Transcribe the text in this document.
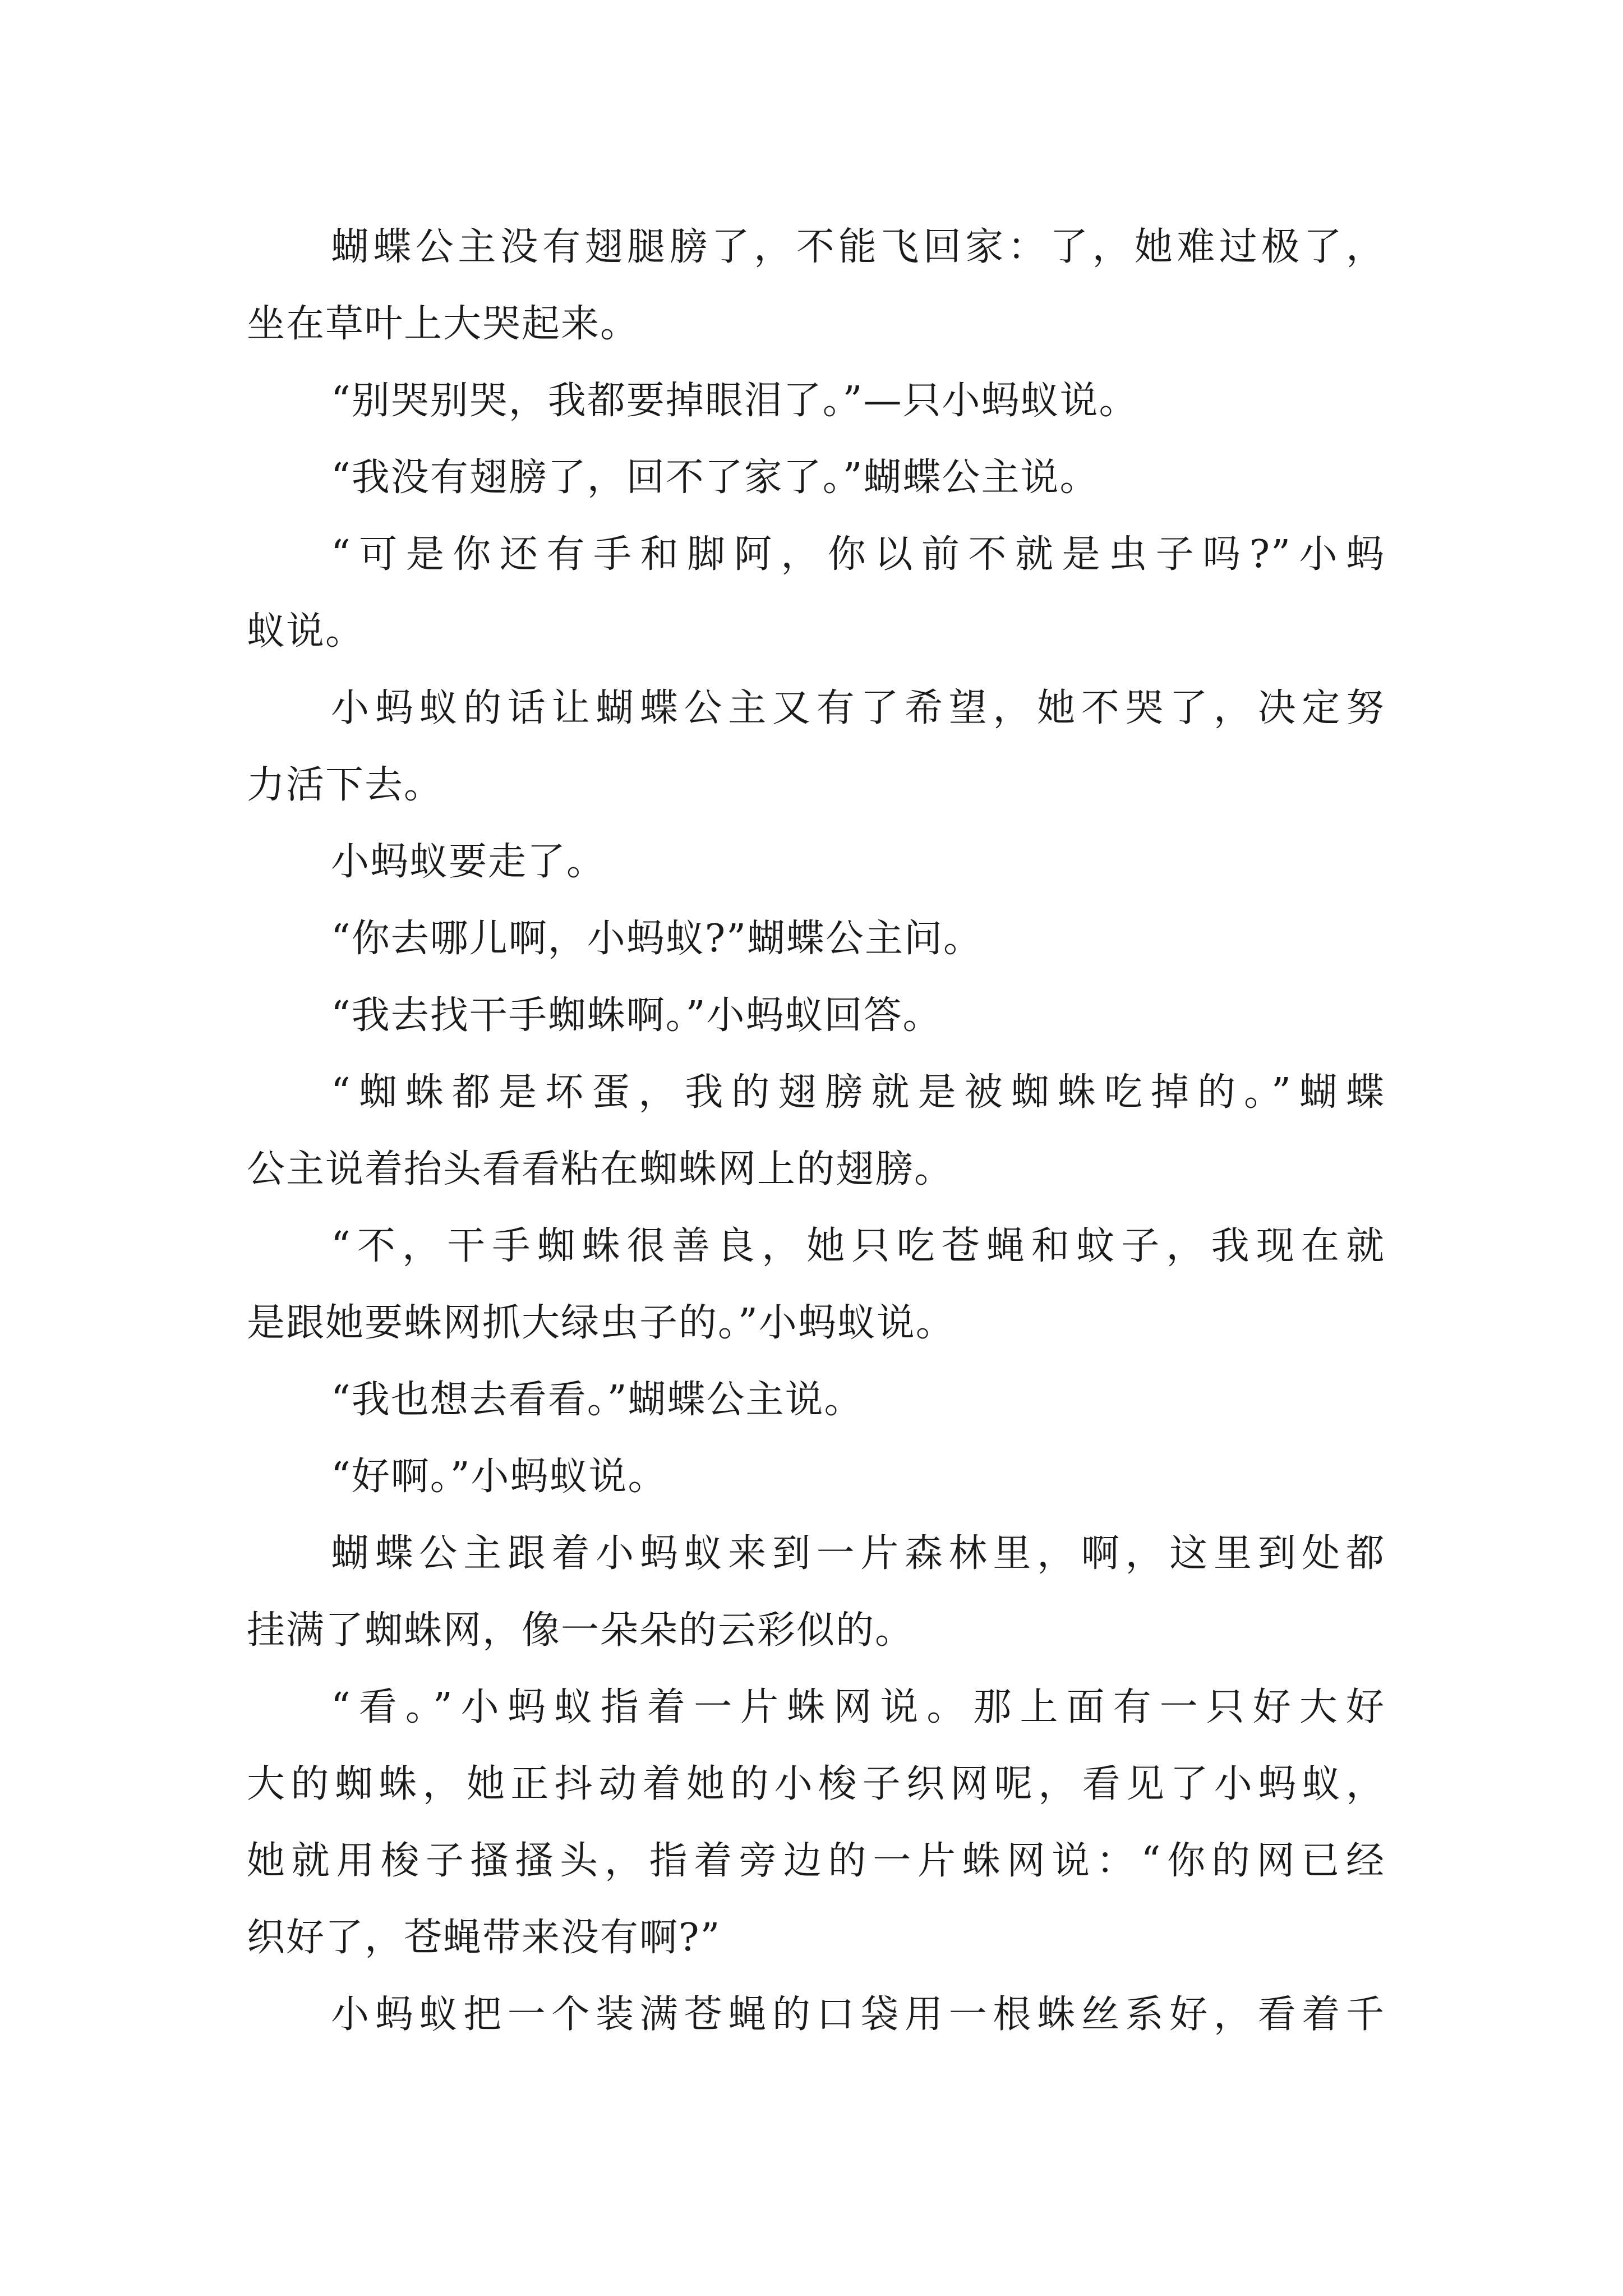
蝴蝶公主没有翅腿膀了，不能飞回家：了，她难过极了，

坐在草叶上大哭起来。

“别哭别哭，我都要掉眼泪了。”—只小蚂蚁说。

“我没有翅膀了，回不了家了。”蝴蝶公主说。

“可是你还有手和脚阿，你以前不就是虫子吗?”小蚂

蚁说。

小蚂蚁的话让蝴蝶公主又有了希望，她不哭了，决定努

力活下去。

小蚂蚁要走了。

“你去哪儿啊，小蚂蚁?”蝴蝶公主问。

“我去找干手蜘蛛啊。”小蚂蚁回答。

“蜘蛛都是坏蛋，我的翅膀就是被蜘蛛吃掉的。”蝴蝶

公主说着抬头看看粘在蜘蛛网上的翅膀。

“不，干手蜘蛛很善良，她只吃苍蝇和蚊子，我现在就

是跟她要蛛网抓大绿虫子的。”小蚂蚁说。

“我也想去看看。”蝴蝶公主说。

“好啊。”小蚂蚁说。

蝴蝶公主跟着小蚂蚁来到一片森林里，啊，这里到处都

挂满了蜘蛛网，像一朵朵的云彩似的。

“看。”小蚂蚁指着一片蛛网说。那上面有一只好大好

大的蜘蛛，她正抖动着她的小梭子织网呢，看见了小蚂蚁，

她就用梭子搔搔头，指着旁边的一片蛛网说：“你的网已经

织好了，苍蝇带来没有啊?”

小蚂蚁把一个装满苍蝇的口袋用一根蛛丝系好，看着千
